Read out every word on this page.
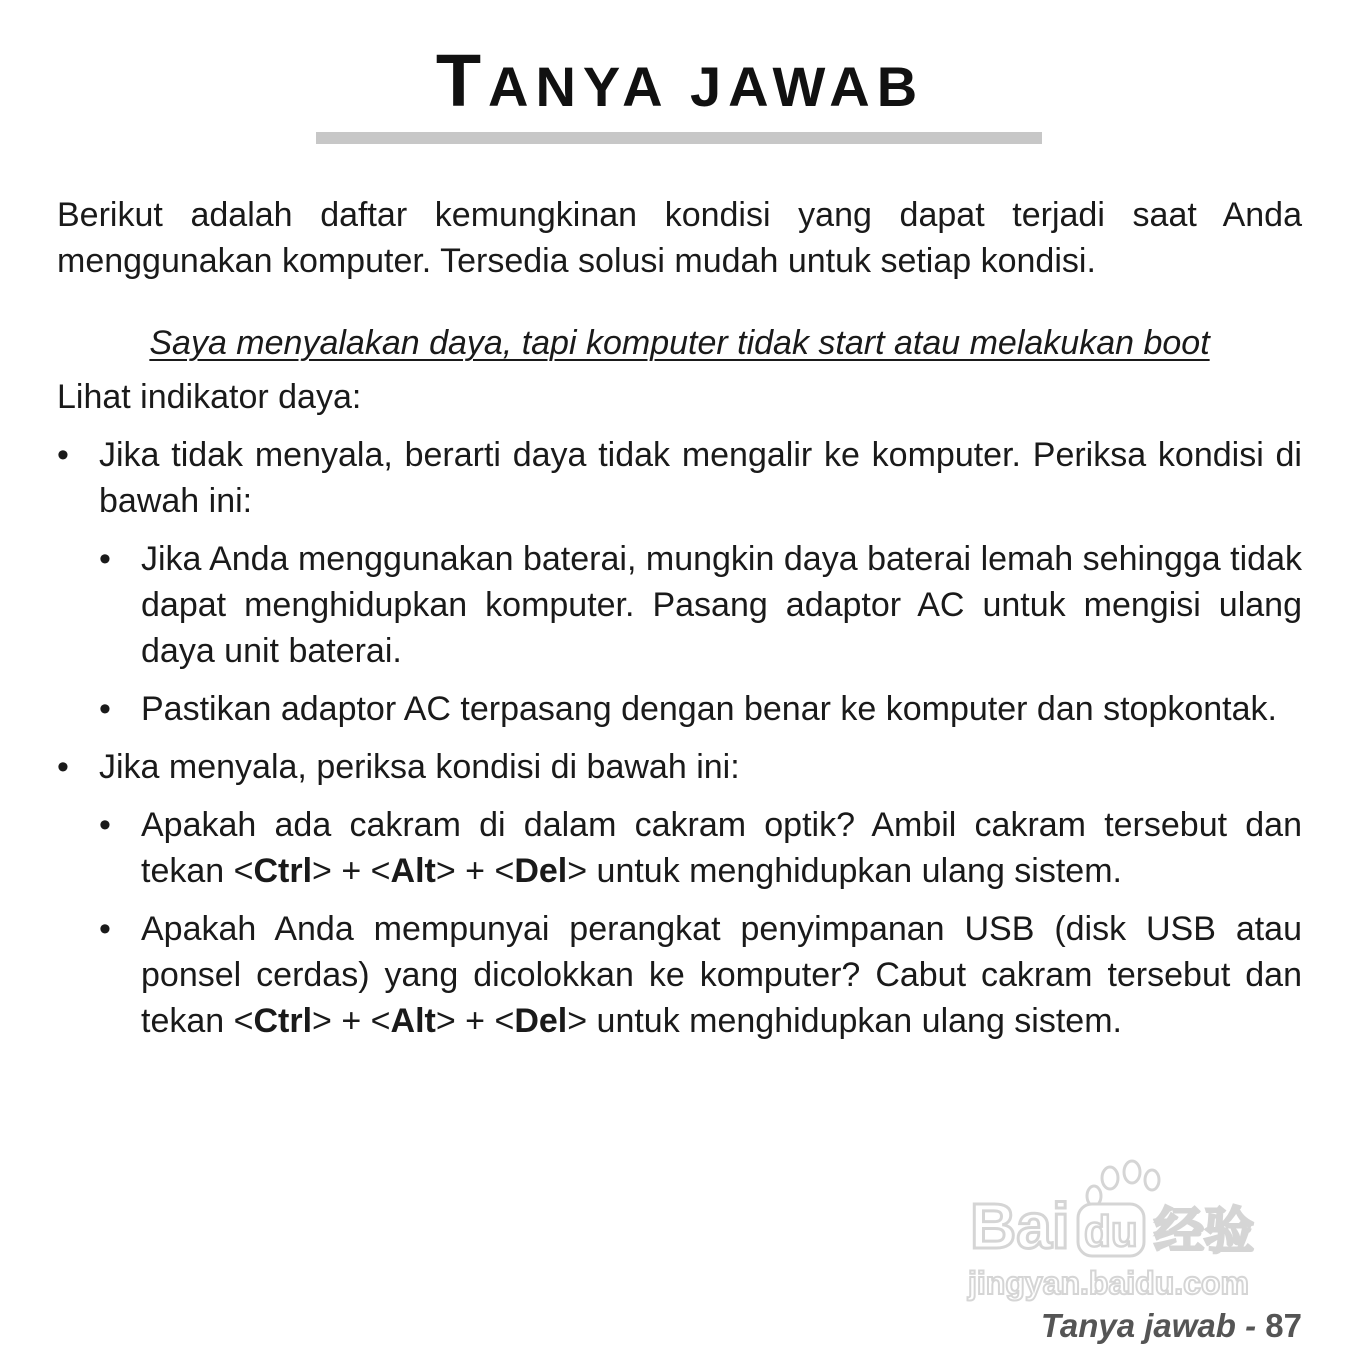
TANYA JAWAB

Berikut adalah daftar kemungkinan kondisi yang dapat terjadi saat Anda menggunakan komputer. Tersedia solusi mudah untuk setiap kondisi.

Saya menyalakan daya, tapi komputer tidak start atau melakukan boot

Lihat indikator daya:

• Jika tidak menyala, berarti daya tidak mengalir ke komputer. Periksa kondisi di bawah ini:
• Jika Anda menggunakan baterai, mungkin daya baterai lemah sehingga tidak dapat menghidupkan komputer. Pasang adaptor AC untuk mengisi ulang daya unit baterai.
• Pastikan adaptor AC terpasang dengan benar ke komputer dan stopkontak.
• Jika menyala, periksa kondisi di bawah ini:
• Apakah ada cakram di dalam cakram optik? Ambil cakram tersebut dan tekan <Ctrl> + <Alt> + <Del> untuk menghidupkan ulang sistem.
• Apakah Anda mempunyai perangkat penyimpanan USB (disk USB atau ponsel cerdas) yang dicolokkan ke komputer? Cabut cakram tersebut dan tekan <Ctrl> + <Alt> + <Del> untuk menghidupkan ulang sistem.
Bai du 经验
jingyan.baidu.com
Tanya jawab - 87
